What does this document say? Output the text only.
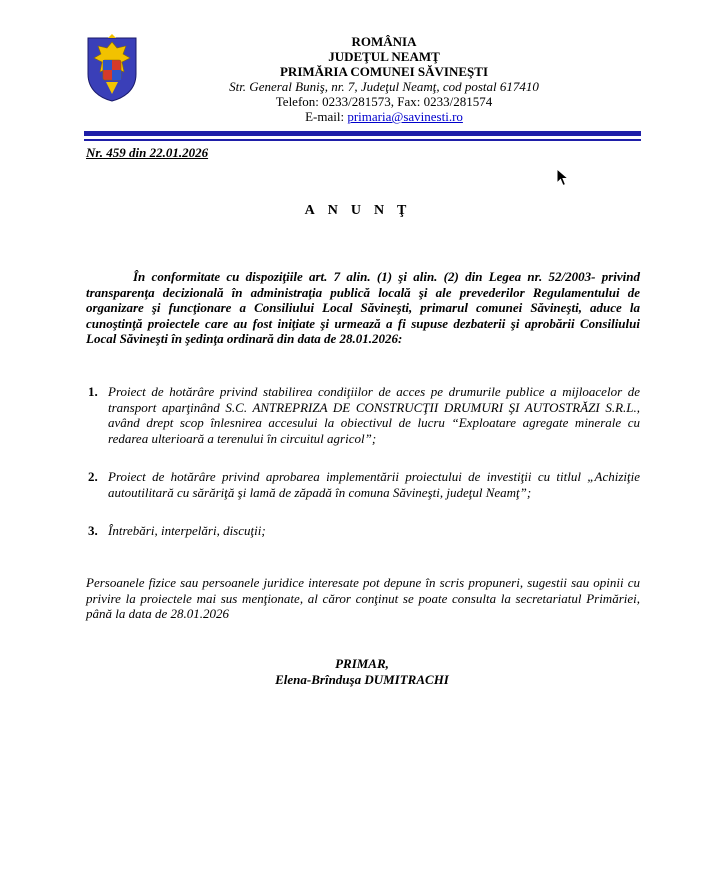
ROMÂNIA
JUDEŢUL NEAMŢ
PRIMĂRIA COMUNEI SĂVINEŞTI
Str. General Buniş, nr. 7, Judeţul Neamţ, cod postal 617410
Telefon: 0233/281573, Fax: 0233/281574
E-mail: primaria@savinesti.ro
Nr. 459 din 22.01.2026
ANUNŢ
În conformitate cu dispoziţiile art. 7 alin. (1) şi alin. (2) din Legea nr. 52/2003- privind transparenţa decizională în administraţia publică locală şi ale prevederilor Regulamentului de organizare şi funcţionare a Consiliului Local Săvineşti, primarul comunei Săvineşti, aduce la cunoştinţă proiectele care au fost iniţiate şi urmează a fi supuse dezbaterii şi aprobării Consiliului Local Săvineşti în şedinţa ordinară din data de 28.01.2026:
1. Proiect de hotărâre privind stabilirea condiţiilor de acces pe drumurile publice a mijloacelor de transport aparţinând S.C. ANTREPRIZA DE CONSTRUCŢII DRUMURI ŞI AUTOSTRĂZI S.R.L., având drept scop înlesnirea accesului la obiectivul de lucru “Exploatare agregate minerale cu redarea ulterioară a terenului în circuitul agricol”;
2. Proiect de hotărâre privind aprobarea implementării proiectului de investiţii cu titlul „Achiziţie autoutilitară cu sărăriţă şi lamă de zăpadă în comuna Săvineşti, judeţul Neamţ”;
3. Întrebări, interpelări, discuţii;
Persoanele fizice sau persoanele juridice interesate pot depune în scris propuneri, sugestii sau opinii cu privire la proiectele mai sus menţionate, al căror conţinut se poate consulta la secretariatul Primăriei, până la data de 28.01.2026
PRIMAR,
Elena-Brînduşa DUMITRACHI
